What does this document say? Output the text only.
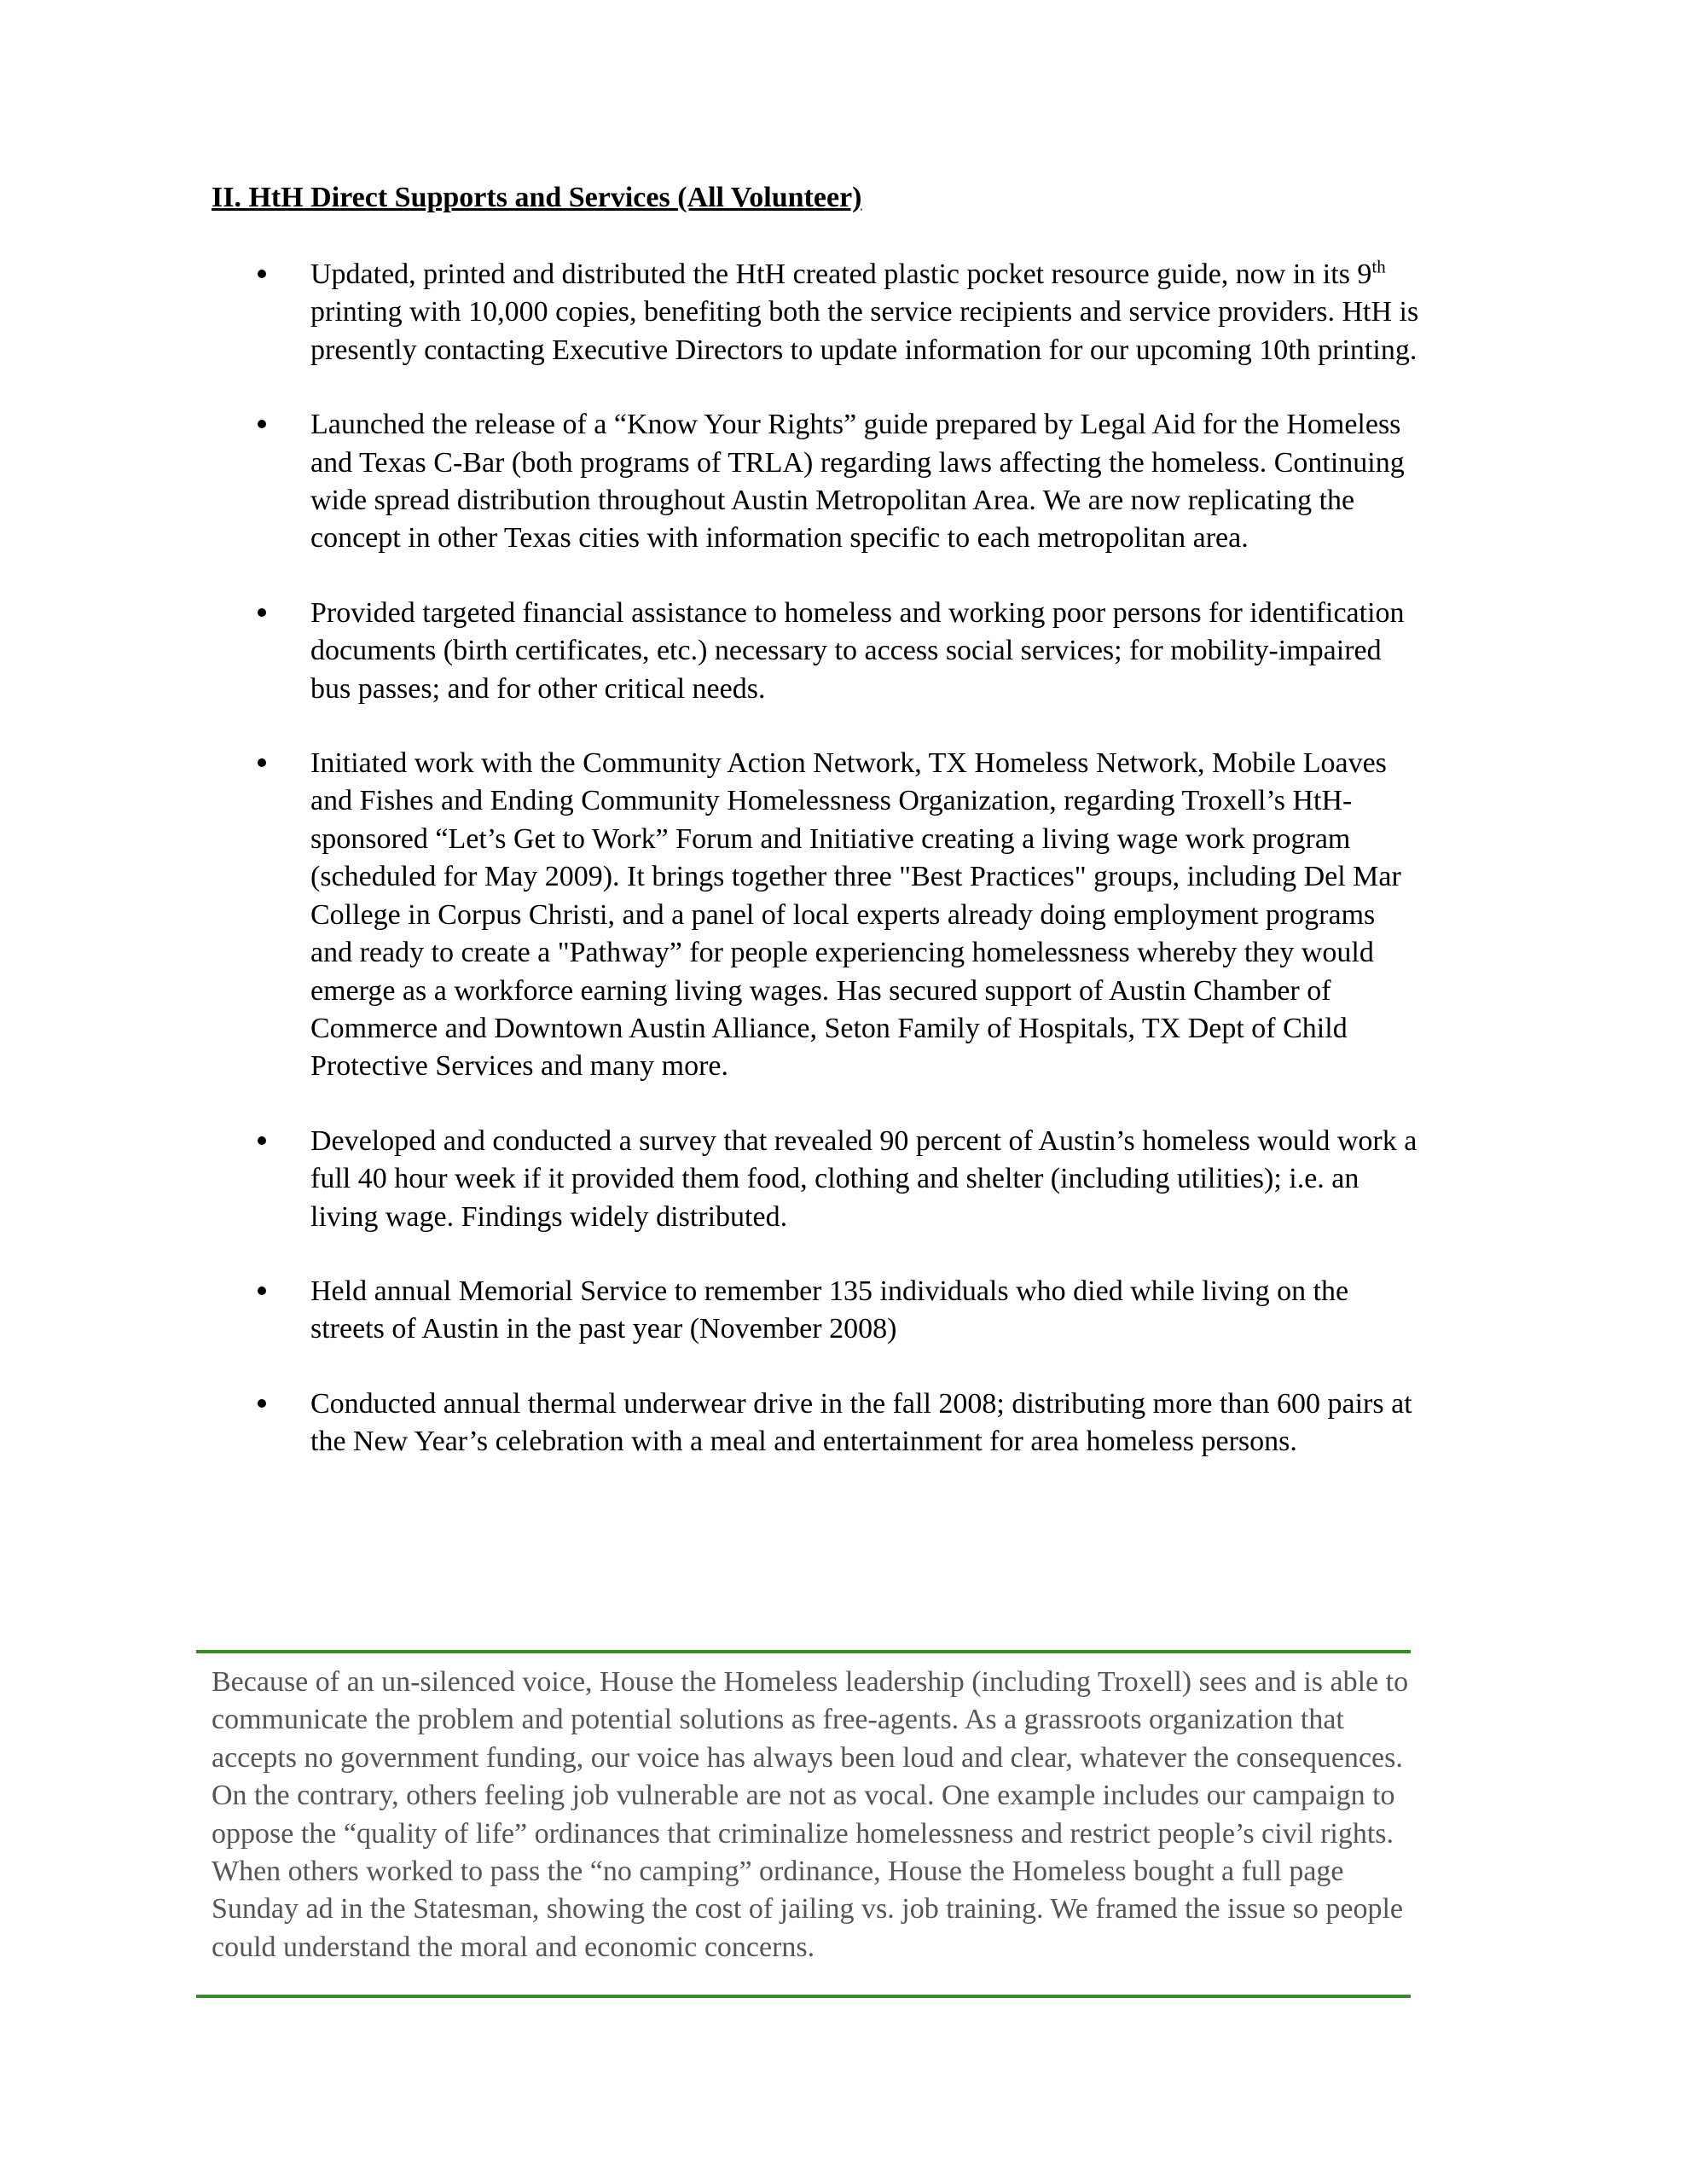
II. HtH Direct Supports and Services (All Volunteer)

Updated, printed and distributed the HtH created plastic pocket resource guide, now in its 9th printing with 10,000 copies, benefiting both the service recipients and service providers. HtH is presently contacting Executive Directors to update information for our upcoming 10th printing.

Launched the release of a “Know Your Rights” guide prepared by Legal Aid for the Homeless and Texas C-Bar (both programs of TRLA) regarding laws affecting the homeless. Continuing wide spread distribution throughout Austin Metropolitan Area. We are now replicating the concept in other Texas cities with information specific to each metropolitan area.

Provided targeted financial assistance to homeless and working poor persons for identification documents (birth certificates, etc.) necessary to access social services; for mobility-impaired bus passes; and for other critical needs.

Initiated work with the Community Action Network, TX Homeless Network, Mobile Loaves and Fishes and Ending Community Homelessness Organization, regarding Troxell’s HtH-sponsored “Let’s Get to Work” Forum and Initiative creating a living wage work program (scheduled for May 2009). It brings together three "Best Practices" groups, including Del Mar College in Corpus Christi, and a panel of local experts already doing employment programs and ready to create a "Pathway” for people experiencing homelessness whereby they would emerge as a workforce earning living wages. Has secured support of Austin Chamber of Commerce and Downtown Austin Alliance, Seton Family of Hospitals, TX Dept of Child Protective Services and many more.

Developed and conducted a survey that revealed 90 percent of Austin’s homeless would work a full 40 hour week if it provided them food, clothing and shelter (including utilities); i.e. an living wage. Findings widely distributed.

Held annual Memorial Service to remember 135 individuals who died while living on the streets of Austin in the past year (November 2008)

Conducted annual thermal underwear drive in the fall 2008; distributing more than 600 pairs at the New Year’s celebration with a meal and entertainment for area homeless persons.

Because of an un-silenced voice, House the Homeless leadership (including Troxell) sees and is able to communicate the problem and potential solutions as free-agents. As a grassroots organization that accepts no government funding, our voice has always been loud and clear, whatever the consequences. On the contrary, others feeling job vulnerable are not as vocal. One example includes our campaign to oppose the “quality of life” ordinances that criminalize homelessness and restrict people’s civil rights. When others worked to pass the “no camping” ordinance, House the Homeless bought a full page Sunday ad in the Statesman, showing the cost of jailing vs. job training. We framed the issue so people could understand the moral and economic concerns.
